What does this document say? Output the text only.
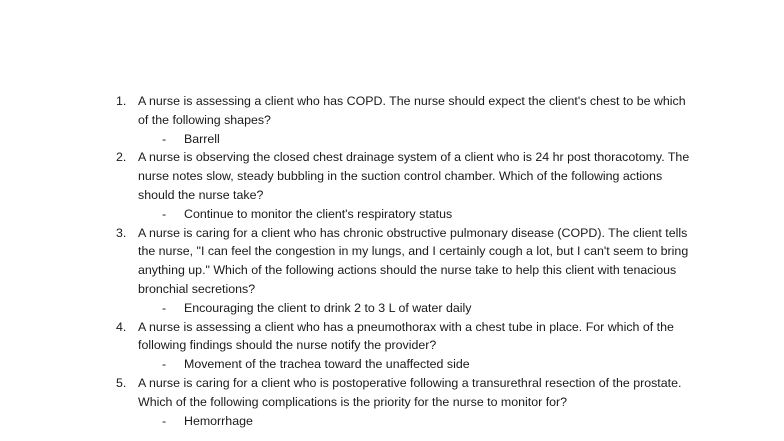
1. A nurse is assessing a client who has COPD. The nurse should expect the client's chest to be which of the following shapes?
- Barrell
2. A nurse is observing the closed chest drainage system of a client who is 24 hr post thoracotomy. The nurse notes slow, steady bubbling in the suction control chamber. Which of the following actions should the nurse take?
- Continue to monitor the client's respiratory status
3. A nurse is caring for a client who has chronic obstructive pulmonary disease (COPD). The client tells the nurse, "I can feel the congestion in my lungs, and I certainly cough a lot, but I can't seem to bring anything up." Which of the following actions should the nurse take to help this client with tenacious bronchial secretions?
- Encouraging the client to drink 2 to 3 L of water daily
4. A nurse is assessing a client who has a pneumothorax with a chest tube in place. For which of the following findings should the nurse notify the provider?
- Movement of the trachea toward the unaffected side
5. A nurse is caring for a client who is postoperative following a transurethral resection of the prostate. Which of the following complications is the priority for the nurse to monitor for?
- Hemorrhage
